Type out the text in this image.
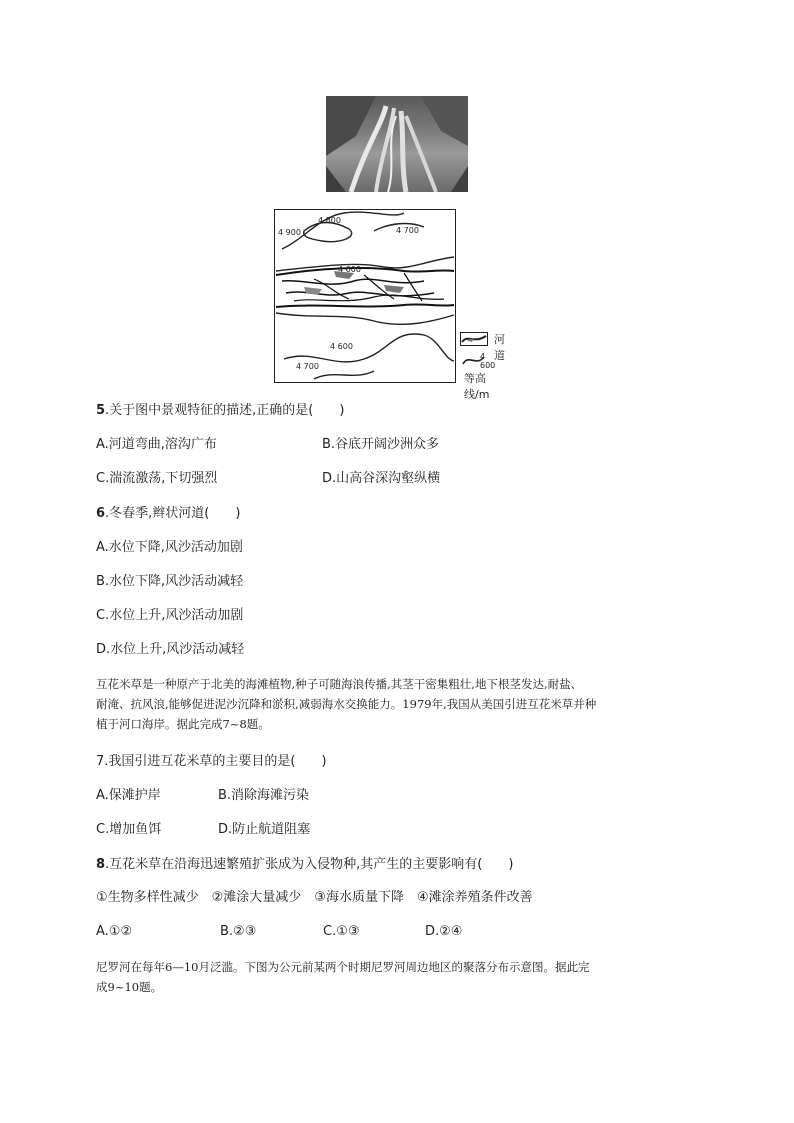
4 900
4 800
4 700
4 600
4 600
4 700
河道
4 600
等高线/m
5.关于图中景观特征的描述,正确的是(　　)
A.河道弯曲,溶沟广布	B.谷底开阔沙洲众多
C.湍流激荡,下切强烈	D.山高谷深沟壑纵横
6.冬春季,辫状河道(　　)
A.水位下降,风沙活动加剧
B.水位下降,风沙活动减轻
C.水位上升,风沙活动加剧
D.水位上升,风沙活动减轻
互花米草是一种原产于北美的海滩植物,种子可随海浪传播,其茎干密集粗壮,地下根茎发达,耐盐、
耐淹、抗风浪,能够促进泥沙沉降和淤积,减弱海水交换能力。1979年,我国从美国引进互花米草并种
植于河口海岸。据此完成7~8题。
7.我国引进互花米草的主要目的是(　　)
A.保滩护岸	B.消除海滩污染
C.增加鱼饵	D.防止航道阻塞
8.互花米草在沿海迅速繁殖扩张成为入侵物种,其产生的主要影响有(　　)
①生物多样性减少　②滩涂大量减少　③海水质量下降　④滩涂养殖条件改善
A.①②	B.②③	C.①③	D.②④
尼罗河在每年6—10月泛滥。下图为公元前某两个时期尼罗河周边地区的聚落分布示意图。据此完
成9~10题。
